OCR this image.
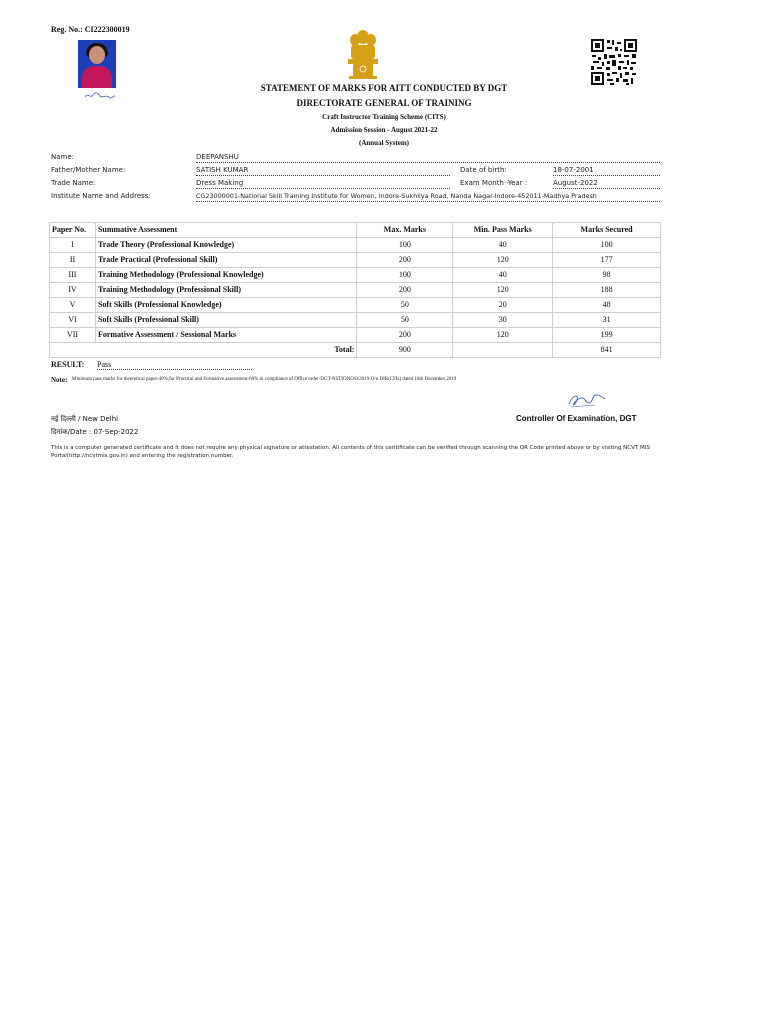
Reg. No.: CI222300019
STATEMENT OF MARKS FOR AITT CONDUCTED BY DGT
DIRECTORATE GENERAL OF TRAINING
Craft Instructor Training Scheme (CITS)
Admission Session - August 2021-22
(Annual System)
Name:	DEEPANSHU
Father/Mother Name:	SATISH KUMAR	Date of birth:	18-07-2001
Trade Name:	Dress Making	Exam Month -Year :	August-2022
Institute Name and Address:	CG23000001-National Skill Training Institute for Women, Indore-Sukhliya Road, Nanda Nagar-Indore-452011-Madhya Pradesh
Paper No.	Summative Assessment	Max. Marks	Min. Pass Marks	Marks Secured
I	Trade Theory (Professional Knowledge)	100	40	100
II	Trade Practical (Professional Skill)	200	120	177
III	Training Methodology (Professional Knowledge)	100	40	98
IV	Training Methodology (Professional Skill)	200	120	188
V	Soft Skills (Professional Knowledge)	50	20	48
VI	Soft Skills (Professional Skill)	50	30	31
VII	Formative Assessment / Sessional Marks	200	120	199
Total:		900		841
RESULT: Pass
Note: Minimum pass marks for theoretical paper-40%,for Practical and Formative assessment-60% in compliance of Office order-DGT-NSTIONO/8/2019-O/o DIR(CFIs) dated 18th December,2019
Controller Of Examination, DGT
नई दिल्ली / New Delhi
दिनांक/Date : 07-Sep-2022
This is a computer generated certificate and it does not require any physical signature or attestation. All contents of this ceritificate can be verified through scanning the QR Code printed above or by visiting NCVT MIS Portal(http://ncvtmis.gov.in) and entering the registration number.
